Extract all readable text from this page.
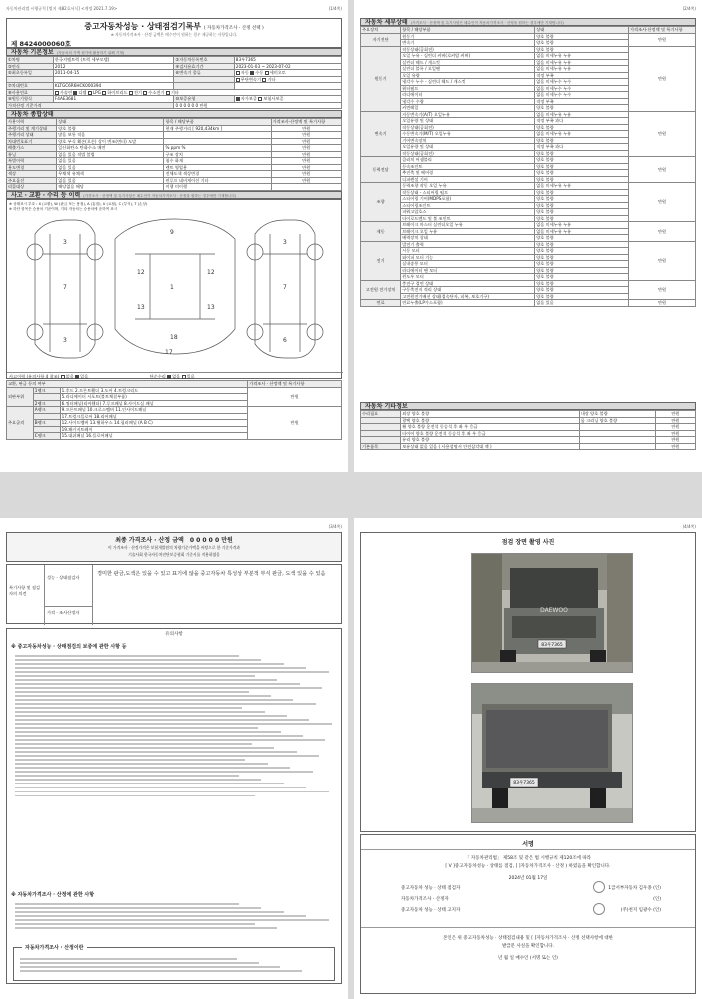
자동차관리법 시행규칙 [별지 제82호서식] <개정 2021.7.19>	(1/4쪽)
중고자동차성능 · 상태점검기록부 ( 자동차가격조사 · 산정 선택 )
※ 자동차가격조사 · 산정 금액은 매수인이 원하는 경우 제공하는 사항입니다.
제 8424000060호
자동차 기본정보 (자동차의 가액 평가에 활용하기 위해 기재)
①차명	한국지엠트럭 (트럭 세부모델)	②자동차등록번호	83우7365
③연식	2012	④검사유효기간	2023-01-03 ~ 2023-07-02
⑤최초등록일	2011-04-15	⑥변속기 종류	자동 수동 세미오토
			무단변속기 기타
⑦차대번호	KLTGC6R6HCK000394		
⑧사용연료	가솔린 디젤 LPG 하이브리드 전기 수소전기 기타		
⑨원동기형식	F4AE3681	⑩보증유형	자가보증 보험사보증
가격산정 기준가격		0 0 0 0 0 0 만원	
자동차 종합상태
사용이력	상태	항목 / 해당부품	가격조사·산정액 및 특기사항
주행거리 및 계기상태	양호 불량	현재 주행거리 [ 920,434km ]	만원
주행거리 상태	많음 보통 적음		만원
차대번호표기	양호 부식 훼손(오손) 상이 변조(변타) 도말		만원
배출가스	일산화탄소 탄화수소 매연	% ppm %	만원
튜닝	없음 있음 적법 불법	구조 장치	만원
특별이력	없음 있음	침수 화재	만원
용도변경	없음 있음	렌트 영업용	만원
색상	무채색 유채색	전체도색 색상변경	만원
주요옵션	없음 있음	썬루프 네비게이션 기타	만원
리콜대상	해당없음 해당	이행 미이행	
사고 · 교환 · 수리 등 이력 (가격조사 · 산정액 및 특기사항은 매수인이 자동차가격조사 · 산정을 원하는 경우에만 기재합니다)
※ 상태표시 부호 : X (교환), W (판금 또는 용접), A (흠집), U (요철), C (부식), T (손상)
※ 하단 항목은 승용차 기준이며, 기타 자동차는 승용차에 준하여 표시
7
3
3
1
9
18
7
3
6
12	12
13	13
17
사고이력 (유의사항 4 참조) 없음 있음	단순수리 없음 있음
교환, 판금 등의 여부			가격조사 · 산정액 및 특기사항
외판부위	1랭크	1.후드 2.프론트휀더 3.도어 4.트렁크리드	만원
		5.라디에이터 서포트(볼트체결부품)	
	2랭크	6.쿼터패널(리어휀더) 7.루프패널 8.사이드실 패널	
주요골격	A랭크	9.프론트패널 10.크로스멤버 11.인사이드패널	만원
		17.트렁크플로어 18.리어패널	
	B랭크	12.사이드멤버 13.휠하우스 14.필러패널 (A B C)	
		19.패키지트레이	
	C랭크	15.대쉬패널 16.플로어패널	
(2/4쪽)
자동차 세부상태 (가격조사 · 산정액 및 특기사항은 매수인이 자동차가격조사 · 산정을 원하는 경우에만 기재합니다)
주요장치	항목 / 해당부품	상태	가격조사·산정액 및 특기사항
자기진단	원동기	양호 불량	만원
	변속기	양호 불량	
원동기	작동상태(공회전)	양호 불량	만원
	오일 누유 - 실린더 커버(로커암 커버)	없음 미세누유 누유	
	실린더 헤드 / 개스킷	없음 미세누유 누유	
	실린더 블록 / 오일팬	없음 미세누유 누유	
	오일 유량	적정 부족	
	냉각수 누수 - 실린더 헤드 / 개스킷	없음 미세누수 누수	
	워터펌프	없음 미세누수 누수	
	라디에이터	없음 미세누수 누수	
	냉각수 수량	적정 부족	
	커먼레일	양호 불량	
변속기	자동변속기(A/T) 오일누유	없음 미세누유 누유	만원
	오일유량 및 상태	적정 부족 과다	
	작동상태(공회전)	양호 불량	
	수동변속기(M/T) 오일누유	없음 미세누유 누유	
	기어변속장치	양호 불량	
	오일유량 및 상태	적정 부족 과다	
	작동상태(공회전)	양호 불량	
동력전달	클러치 어셈블리	양호 불량	만원
	등속조인트	양호 불량	
	추진축 및 베어링	양호 불량	
	디퍼렌셜 기어	양호 불량	
조향	동력조향 작동 오일 누유	없음 미세누유 누유	만원
	작동상태 - 스티어링 펌프	양호 불량	
	스티어링 기어(MDPS포함)	양호 불량	
	스티어링조인트	양호 불량	
	파워고압호스	양호 불량	
	타이로드엔드 및 볼 조인트	양호 불량	
제동	브레이크 마스터 실린더오일 누유	없음 미세누유 누유	만원
	브레이크 오일 누유	없음 미세누유 누유	
	배력장치 상태	양호 불량	
전기	발전기 출력	양호 불량	만원
	시동 모터	양호 불량	
	와이퍼 모터 기능	양호 불량	
	실내송풍 모터	양호 불량	
	라디에이터 팬 모터	양호 불량	
	윈도우 모터	양호 불량	
고전원 전기장치	충전구 절연 상태	양호 불량	만원
	구동축전지 격리 상태	양호 불량	
	고전원전기배선 상태(접속단자, 피복, 보호기구)	양호 불량	
연료	연료누출(LP가스포함)	없음 있음	만원
자동차 기타정보
수리필요	외장 양호 불량	내장 양호 불량	만원
	광택 양호 불량	룸 크리닝 양호 불량	만원
	휠 양호 불량 운전석 동승석 후 좌 우 응급		만원
	타이어 양호 불량 운전석 동승석 후 좌 우 응급		만원
	유리 양호 불량		만원
기본품목	보유상태 없음 있음 ( 사용설명서 안전삼각대 잭 )		만원
(3/4쪽)
최종 가격조사 · 산정 금액 0 0 0 0 0 만원
이 가격조사 · 산정가격은 보험개발원의 차량기준가액을 바탕으로 한 기준가격과
기술사회 한국자동차진단보증협회 기준서를 적용하였음
특기사항 및 점검자의 의견
성능 · 상태점검자
경미한 판금,도색은 있을 수 있고 표기에 않을 중고자동차 특성상 부분적 부식 판금, 도색 있을 수 있음
가격 · 조사산정자
유의사항
※ 중고자동차성능 · 상태점검의 보증에 관한 사항 등
※ 자동차가격조사 · 산정에 관한 사항
자동차가격조사 · 산정이란
(4/4쪽)
점검 장면 촬영 사진
DAEWOO
83우7365
83우7365
서명
「 자동차관리법」 제58조 및 같은 법 시행규칙 제120조에 따라
[ V ]중고자동차성능 · 상태를 점검, [ ]자동차가격조사 · 산정 ) 하였음을 확인합니다.
2024년 01월 17일
중고자동차 성능 · 상태 점검자	1급서부자동차 김우종 (인)
자동차가격조사 · 산정자	(인)
중고자동차 성능 · 상태 고지자	(주)천지 임광수 (인)
본인은 위 중고자동차성능 · 상태점검내용 및 [ ]자동차가격조사 · 산정 선택사항에 대한
발급문 사실을 확인합니다.
년 월 일 매수인 (서명 또는 인)
